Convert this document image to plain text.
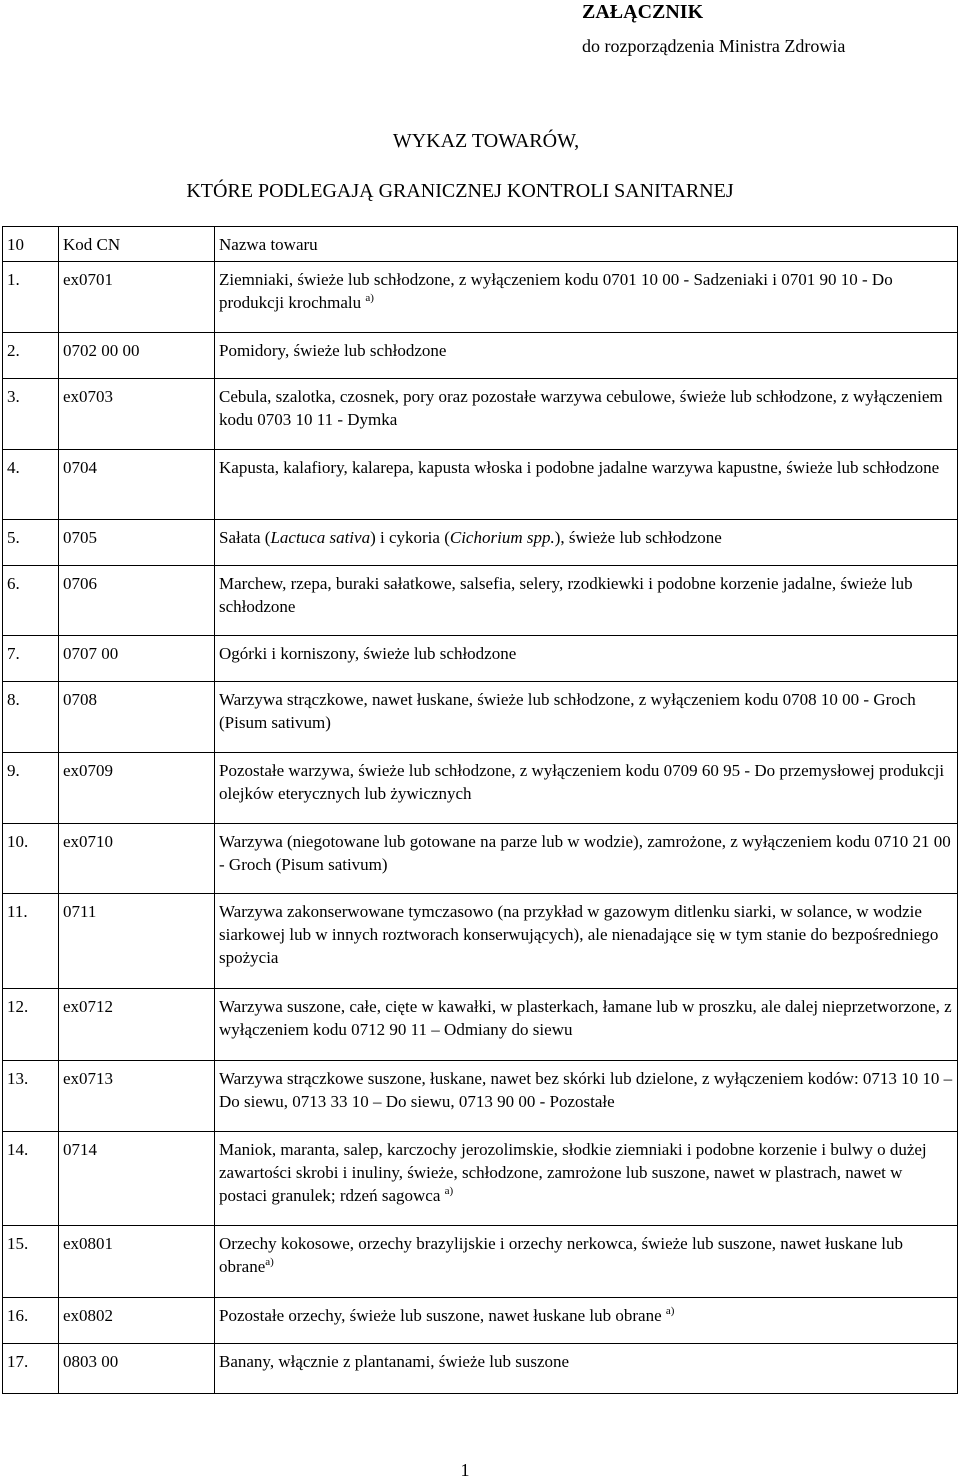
ZAŁĄCZNIK
do rozporządzenia Ministra Zdrowia
WYKAZ TOWARÓW,
KTÓRE PODLEGAJĄ GRANICZNEJ KONTROLI SANITARNEJ
10	Kod CN	Nazwa towaru
1.	ex0701	Ziemniaki, świeże lub schłodzone, z wyłączeniem kodu 0701 10 00 - Sadzeniaki i 0701 90 10 - Do produkcji krochmalu $^{a)}$
2.	0702 00 00	Pomidory, świeże lub schłodzone
3.	ex0703	Cebula, szalotka, czosnek, pory oraz pozostałe warzywa cebulowe, świeże lub schłodzone, z wyłączeniem kodu 0703 10 11 - Dymka
4.	0704	Kapusta, kalafiory, kalarepa, kapusta włoska i podobne jadalne warzywa kapustne, świeże lub schłodzone
5.	0705	Sałata (Lactuca sativa) i cykoria (Cichorium spp.), świeże lub schłodzone
6.	0706	Marchew, rzepa, buraki sałatkowe, salsefia, selery, rzodkiewki i podobne korzenie jadalne, świeże lub schłodzone
7.	0707 00	Ogórki i korniszony, świeże lub schłodzone
8.	0708	Warzywa strączkowe, nawet łuskane, świeże lub schłodzone, z wyłączeniem kodu 0708 10 00 - Groch (Pisum sativum)
9.	ex0709	Pozostałe warzywa, świeże lub schłodzone, z wyłączeniem kodu 0709 60 95 - Do przemysłowej produkcji olejków eterycznych lub żywicznych
10.	ex0710	Warzywa (niegotowane lub gotowane na parze lub w wodzie), zamrożone, z wyłączeniem kodu 0710 21 00 - Groch (Pisum sativum)
11.	0711	Warzywa zakonserwowane tymczasowo (na przykład w gazowym ditlenku siarki, w solance, w wodzie siarkowej lub w innych roztworach konserwujących), ale nienadające się w tym stanie do bezpośredniego spożycia
12.	ex0712	Warzywa suszone, całe, cięte w kawałki, w plasterkach, łamane lub w proszku, ale dalej nieprzetworzone, z wyłączeniem kodu 0712 90 11 – Odmiany do siewu
13.	ex0713	Warzywa strączkowe suszone, łuskane, nawet bez skórki lub dzielone, z wyłączeniem kodów: 0713 10 10 – Do siewu, 0713 33 10 – Do siewu, 0713 90 00 - Pozostałe
14.	0714	Maniok, maranta, salep, karczochy jerozolimskie, słodkie ziemniaki i podobne korzenie i bulwy o dużej zawartości skrobi i inuliny, świeże, schłodzone, zamrożone lub suszone, nawet w plastrach, nawet w postaci granulek; rdzeń sagowca $^{a)}$
15.	ex0801	Orzechy kokosowe, orzechy brazylijskie i orzechy nerkowca, świeże lub suszone, nawet łuskane lub obrane$^{a)}$
16.	ex0802	Pozostałe orzechy, świeże lub suszone, nawet łuskane lub obrane $^{a)}$
17.	0803 00	Banany, włącznie z plantanami, świeże lub suszone
1
